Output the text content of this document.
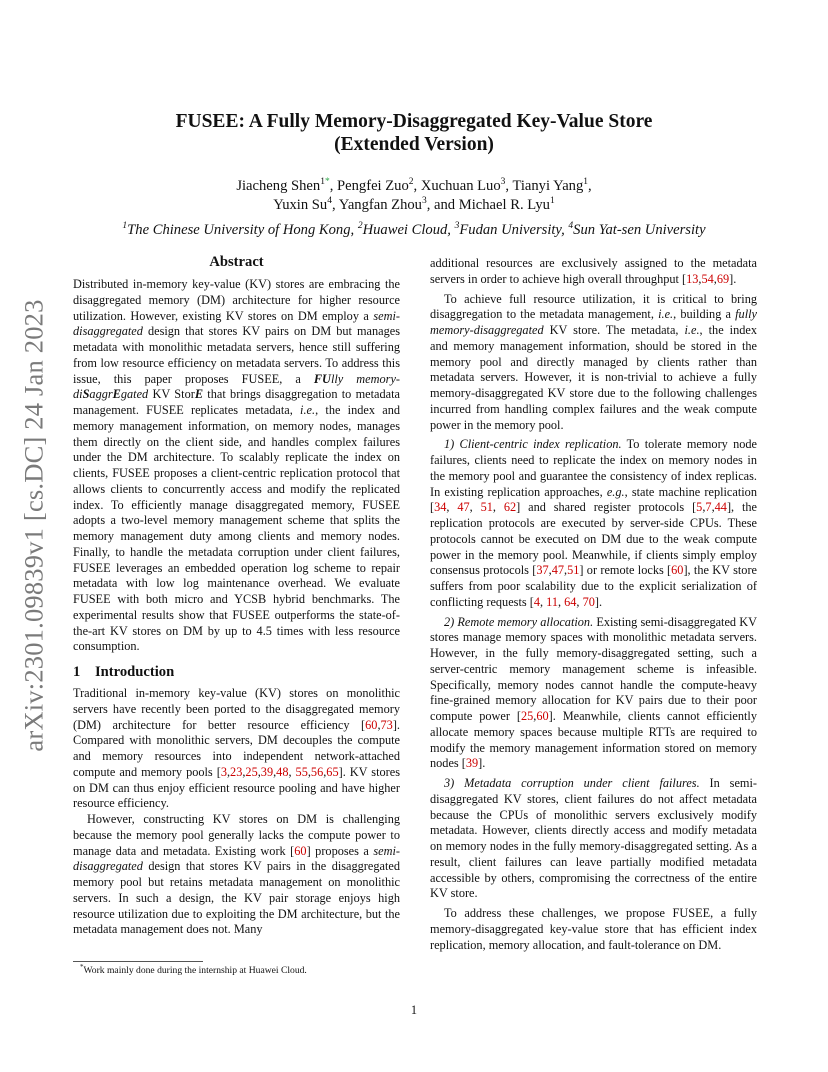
arXiv:2301.09839v1 [cs.DC] 24 Jan 2023
FUSEE: A Fully Memory-Disaggregated Key-Value Store
(Extended Version)
Jiacheng Shen$^{1*}$, Pengfei Zuo$^2$, Xuchuan Luo$^3$, Tianyi Yang$^1$,
Yuxin Su$^4$, Yangfan Zhou$^3$, and Michael R. Lyu$^1$
$^1$The Chinese University of Hong Kong, $^2$Huawei Cloud, $^3$Fudan University, $^4$Sun Yat-sen University
Abstract

Distributed in-memory key-value (KV) stores are embracing the disaggregated memory (DM) architecture for higher resource utilization. However, existing KV stores on DM employ a semi-disaggregated design that stores KV pairs on DM but manages metadata with monolithic metadata servers, hence still suffering from low resource efficiency on metadata servers. To address this issue, this paper proposes FUSEE, a FUlly memory-diSaggrEgated KV StorE that brings disaggregation to metadata management. FUSEE replicates metadata, i.e., the index and memory management information, on memory nodes, manages them directly on the client side, and handles complex failures under the DM architecture. To scalably replicate the index on clients, FUSEE proposes a client-centric replication protocol that allows clients to concurrently access and modify the replicated index. To efficiently manage disaggregated memory, FUSEE adopts a two-level memory management scheme that splits the memory management duty among clients and memory nodes. Finally, to handle the metadata corruption under client failures, FUSEE leverages an embedded operation log scheme to repair metadata with low log maintenance overhead. We evaluate FUSEE with both micro and YCSB hybrid benchmarks. The experimental results show that FUSEE outperforms the state-of-the-art KV stores on DM by up to 4.5 times with less resource consumption.

1 Introduction

Traditional in-memory key-value (KV) stores on monolithic servers have recently been ported to the disaggregated memory (DM) architecture for better resource efficiency [60,73]. Compared with monolithic servers, DM decouples the compute and memory resources into independent network-attached compute and memory pools [3,23,25,39,48, 55,56,65]. KV stores on DM can thus enjoy efficient resource pooling and have higher resource efficiency.

However, constructing KV stores on DM is challenging because the memory pool generally lacks the compute power to manage data and metadata. Existing work [60] proposes a semi-disaggregated design that stores KV pairs in the disaggregated memory pool but retains metadata management on monolithic servers. In such a design, the KV pair storage enjoys high resource utilization due to exploiting the DM architecture, but the metadata management does not. Many

additional resources are exclusively assigned to the metadata servers in order to achieve high overall throughput [13,54,69].

To achieve full resource utilization, it is critical to bring disaggregation to the metadata management, i.e., building a fully memory-disaggregated KV store. The metadata, i.e., the index and memory management information, should be stored in the memory pool and directly managed by clients rather than metadata servers. However, it is non-trivial to achieve a fully memory-disaggregated KV store due to the following challenges incurred from handling complex failures and the weak compute power in the memory pool.

1) Client-centric index replication. To tolerate memory node failures, clients need to replicate the index on memory nodes in the memory pool and guarantee the consistency of index replicas. In existing replication approaches, e.g., state machine replication [34, 47, 51, 62] and shared register protocols [5,7,44], the replication protocols are executed by server-side CPUs. These protocols cannot be executed on DM due to the weak compute power in the memory pool. Meanwhile, if clients simply employ consensus protocols [37,47,51] or remote locks [60], the KV store suffers from poor scalability due to the explicit serialization of conflicting requests [4, 11, 64, 70].

2) Remote memory allocation. Existing semi-disaggregated KV stores manage memory spaces with monolithic metadata servers. However, in the fully memory-disaggregated setting, such a server-centric memory management scheme is infeasible. Specifically, memory nodes cannot handle the compute-heavy fine-grained memory allocation for KV pairs due to their poor compute power [25,60]. Meanwhile, clients cannot efficiently allocate memory spaces because multiple RTTs are required to modify the memory management information stored on memory nodes [39].

3) Metadata corruption under client failures. In semi-disaggregated KV stores, client failures do not affect metadata because the CPUs of monolithic servers exclusively modify metadata. However, clients directly access and modify metadata on memory nodes in the fully memory-disaggregated setting. As a result, client failures can leave partially modified metadata accessible by others, compromising the correctness of the entire KV store.

To address these challenges, we propose FUSEE, a fully memory-disaggregated key-value store that has efficient index replication, memory allocation, and fault-tolerance on DM.

*Work mainly done during the internship at Huawei Cloud.
1
